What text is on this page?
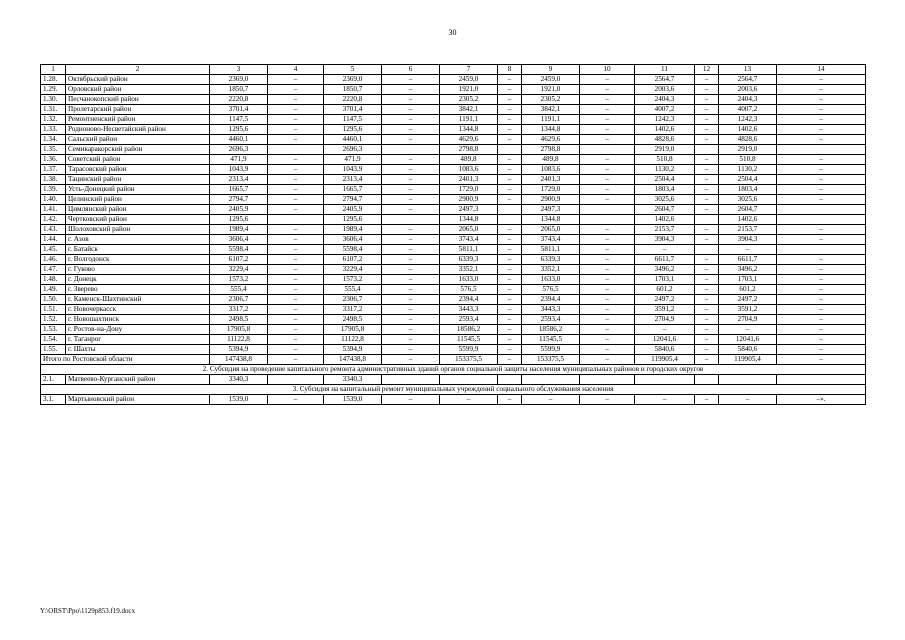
30
1	2	3	4	5	6	7	8	9	10	11	12	13	14
1.28.	Октябрьский район	2369,0	–	2369,0	–	2459,0	–	2459,0	–	2564,7	–	2564,7	–
1.29.	Орловский район	1850,7	–	1850,7	–	1921,0	–	1921,0	–	2003,6	–	2003,6	–
1.30.	Песчанокопский район	2220,8	–	2220,8	–	2305,2	–	2305,2	–	2404,3	–	2404,3	–
1.31.	Пролетарский район	3701,4	–	3701,4	–	3842,1	–	3842,1	–	4007,2	–	4007,2	–
1.32.	Ремонтненский район	1147,5	–	1147,5	–	1191,1	–	1191,1	–	1242,3	–	1242,3	–
1.33.	Родионово-Несветайский район	1295,6	–	1295,6	–	1344,8	–	1344,8	–	1402,6	–	1402,6	–
1.34.	Сальский район	4460,1	–	4460,1	–	4629,6	–	4629,6	–	4828,6	–	4828,6	–
1.35.	Семикаракорский район	2696,3		2696,3		2798,8		2798,8		2919,0		2919,0	
1.36.	Советский район	471,9	–	471,9	–	489,8	–	489,8	–	510,8	–	510,8	–
1.37.	Тарасовский район	1043,9	–	1043,9	–	1083,6	–	1083,6	–	1130,2	–	1130,2	–
1.38.	Тацинский район	2313,4	–	2313,4	–	2401,3	–	2401,3	–	2504,4	–	2504,4	–
1.39.	Усть-Донецкий район	1665,7	–	1665,7	–	1729,0	–	1729,0	–	1803,4	–	1803,4	–
1.40.	Целинский район	2794,7	–	2794,7	–	2900,9	–	2900,9	–	3025,6	–	3025,6	–
1.41.	Цимлянский район	2405,9	–	2405,9	–	2497,3		2497,3		2604,7	–	2604,7	
1.42.	Чертковский район	1295,6		1295,6		1344,8		1344,8		1402,6		1402,6	
1.43.	Шолоховский район	1989,4	–	1989,4	–	2065,0	–	2065,0	–	2153,7	–	2153,7	–
1.44.	г. Азов	3606,4	–	3606,4	–	3743,4	–	3743,4	–	3904,3	–	3904,3	–
1.45.	г. Батайск	5598,4	–	5598,4	–	5811,1	–	5811,1	–	–		–	
1.46.	г. Волгодонск	6107,2	–	6107,2	–	6339,3	–	6339,3	–	6611,7	–	6611,7	–
1.47.	г. Гуково	3229,4	–	3229,4	–	3352,1	–	3352,1	–	3496,2	–	3496,2	–
1.48.	г. Донецк	1573,2	–	1573,2	–	1633,0	–	1633,0	–	1703,1	–	1703,1	–
1.49.	г. Зверево	555,4	–	555,4	–	576,5	–	576,5	–	601,2	–	601,2	–
1.50.	г. Каменск-Шахтинский	2306,7	–	2306,7	–	2394,4	–	2394,4	–	2497,2	–	2497,2	–
1.51.	г. Новочеркасск	3317,2	–	3317,2	–	3443,3	–	3443,3	–	3591,2	–	3591,2	–
1.52.	г. Новошахтинск	2498,5	–	2498,5	–	2593,4	–	2593,4	–	2704,9	–	2704,9	–
1.53.	г. Ростов-на-Дону	17905,8	–	17905,8	–	18586,2	–	18586,2	–	–	–	–	–
1.54.	г. Таганрог	11122,8	–	11122,8	–	11545,5	–	11545,5	–	12041,6	–	12041,6	–
1.55.	г. Шахты	5394,9	–	5394,9	–	5599,9	–	5599,9	–	5840,6	–	5840,6	–
Итого по Ростовской области		147438,8	–	147438,8	–	153375,5	–	153375,5	–	119905,4	–	119905,4	–
2. Субсидия на проведение капитального ремонта административных зданий органов социальной защиты населения муниципальных районов и городских округов													
2.1.	Матвеево-Курганский район	3340,3		3340,3									
3. Субсидия на капитальный ремонт муниципальных учреждений социального обслуживания населения													
3.1.	Мартыновский район	1539,0	–	1539,0	–	–	–	–	–	–	–	–	–».
Y:\ORST\Ppo\1129p853.f19.docx
